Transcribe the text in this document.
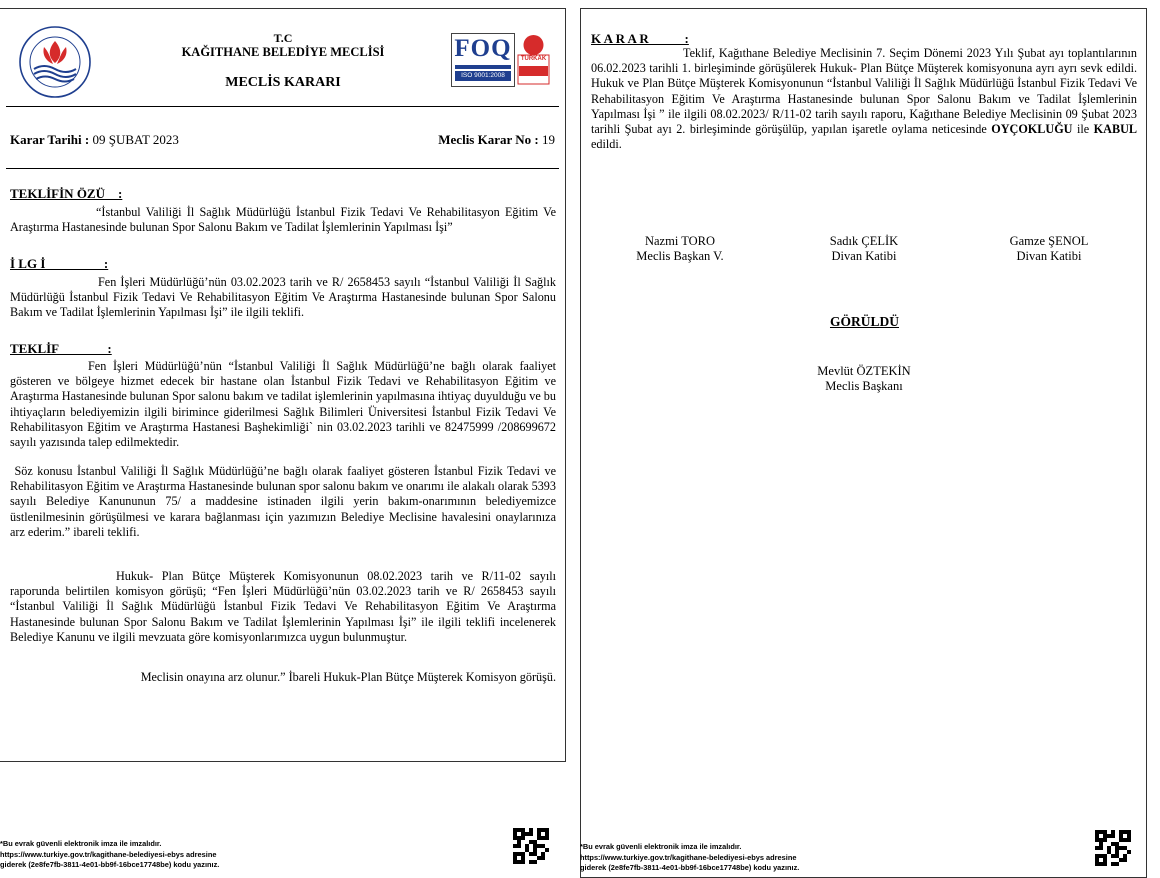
T.C
KAĞITHANE BELEDİYE MECLİSİ
MECLİS KARARI
FOQ
ISO 9001:2008
TÜRKAK
Karar Tarihi : 09 ŞUBAT 2023	Meclis Karar No : 19
TEKLİFİN ÖZÜ    :
“İstanbul Valiliği İl Sağlık Müdürlüğü İstanbul Fizik Tedavi Ve Rehabilitasyon Eğitim Ve Araştırma Hastanesinde bulunan Spor Salonu Bakım ve Tadilat İşlemlerinin Yapılması İşi”
İ LG İ                  :
Fen İşleri Müdürlüğü’nün 03.02.2023 tarih ve R/ 2658453 sayılı “İstanbul Valiliği İl Sağlık Müdürlüğü İstanbul Fizik Tedavi Ve Rehabilitasyon Eğitim Ve Araştırma Hastanesinde bulunan Spor Salonu Bakım ve Tadilat İşlemlerinin Yapılması İşi” ile ilgili teklifi.
TEKLİF               :
Fen İşleri Müdürlüğü’nün “İstanbul Valiliği İl Sağlık Müdürlüğü’ne bağlı olarak faaliyet gösteren ve bölgeye hizmet edecek bir hastane olan İstanbul Fizik Tedavi ve Rehabilitasyon Eğitim ve Araştırma Hastanesinde bulunan Spor salonu bakım ve tadilat işlemlerinin yapılmasına ihtiyaç duyulduğu ve bu ihtiyaçların belediyemizin ilgili birimince giderilmesi Sağlık Bilimleri Üniversitesi İstanbul Fizik Tedavi Ve Rehabilitasyon Eğitim ve Araştırma Hastanesi Başhekimliği` nin 03.02.2023 tarihli ve 82475999 /208699672 sayılı yazısında talep edilmektedir.
Söz konusu İstanbul Valiliği İl Sağlık Müdürlüğü’ne bağlı olarak faaliyet gösteren İstanbul Fizik Tedavi ve Rehabilitasyon Eğitim ve Araştırma Hastanesinde bulunan spor salonu bakım ve onarımı ile alakalı olarak 5393 sayılı Belediye Kanununun 75/ a maddesine istinaden ilgili yerin bakım-onarımının belediyemizce üstlenilmesinin görüşülmesi ve karara bağlanması için yazımızın Belediye Meclisine havalesini onaylarınıza arz ederim.” ibareli teklifi.
Hukuk- Plan Bütçe Müşterek Komisyonunun 08.02.2023 tarih ve R/11-02 sayılı raporunda belirtilen komisyon görüşü; “Fen İşleri Müdürlüğü’nün 03.02.2023 tarih ve R/ 2658453 sayılı “İstanbul Valiliği İl Sağlık Müdürlüğü İstanbul Fizik Tedavi Ve Rehabilitasyon Eğitim Ve Araştırma Hastanesinde bulunan Spor Salonu Bakım ve Tadilat İşlemlerinin Yapılması İşi” ile ilgili teklifi incelenerek Belediye Kanunu ve ilgili mevzuata göre komisyonlarımızca uygun bulunmuştur.
Meclisin onayına arz olunur.” İbareli Hukuk-Plan Bütçe Müşterek Komisyon görüşü.
K A R A R           :
Teklif, Kağıthane Belediye Meclisinin 7. Seçim Dönemi 2023 Yılı Şubat ayı toplantılarının 06.02.2023 tarihli 1. birleşiminde görüşülerek Hukuk- Plan Bütçe Müşterek komisyonuna ayrı ayrı sevk edildi. Hukuk ve Plan Bütçe Müşterek Komisyonunun “İstanbul Valiliği İl Sağlık Müdürlüğü İstanbul Fizik Tedavi Ve Rehabilitasyon Eğitim Ve Araştırma Hastanesinde bulunan Spor Salonu Bakım ve Tadilat İşlemlerinin Yapılması İşi ” ile ilgili 08.02.2023/ R/11-02 tarih sayılı raporu, Kağıthane Belediye Meclisinin 09 Şubat 2023 tarihli Şubat ayı 2. birleşiminde görüşülüp, yapılan işaretle oylama neticesinde OYÇOKLUĞU ile KABUL edildi.
Nazmi TORO
Meclis Başkan V.
Sadık ÇELİK
Divan Katibi
Gamze ŞENOL
Divan Katibi
GÖRÜLDÜ
Mevlüt ÖZTEKİN
Meclis Başkanı
*Bu evrak güvenli elektronik imza ile imzalıdır.
https://www.turkiye.gov.tr/kagithane-belediyesi-ebys adresine
giderek (2e8fe7fb-3811-4e01-bb9f-16bce17748be) kodu yazınız.
*Bu evrak güvenli elektronik imza ile imzalıdır.
https://www.turkiye.gov.tr/kagithane-belediyesi-ebys adresine
giderek (2e8fe7fb-3811-4e01-bb9f-16bce17748be) kodu yazınız.
